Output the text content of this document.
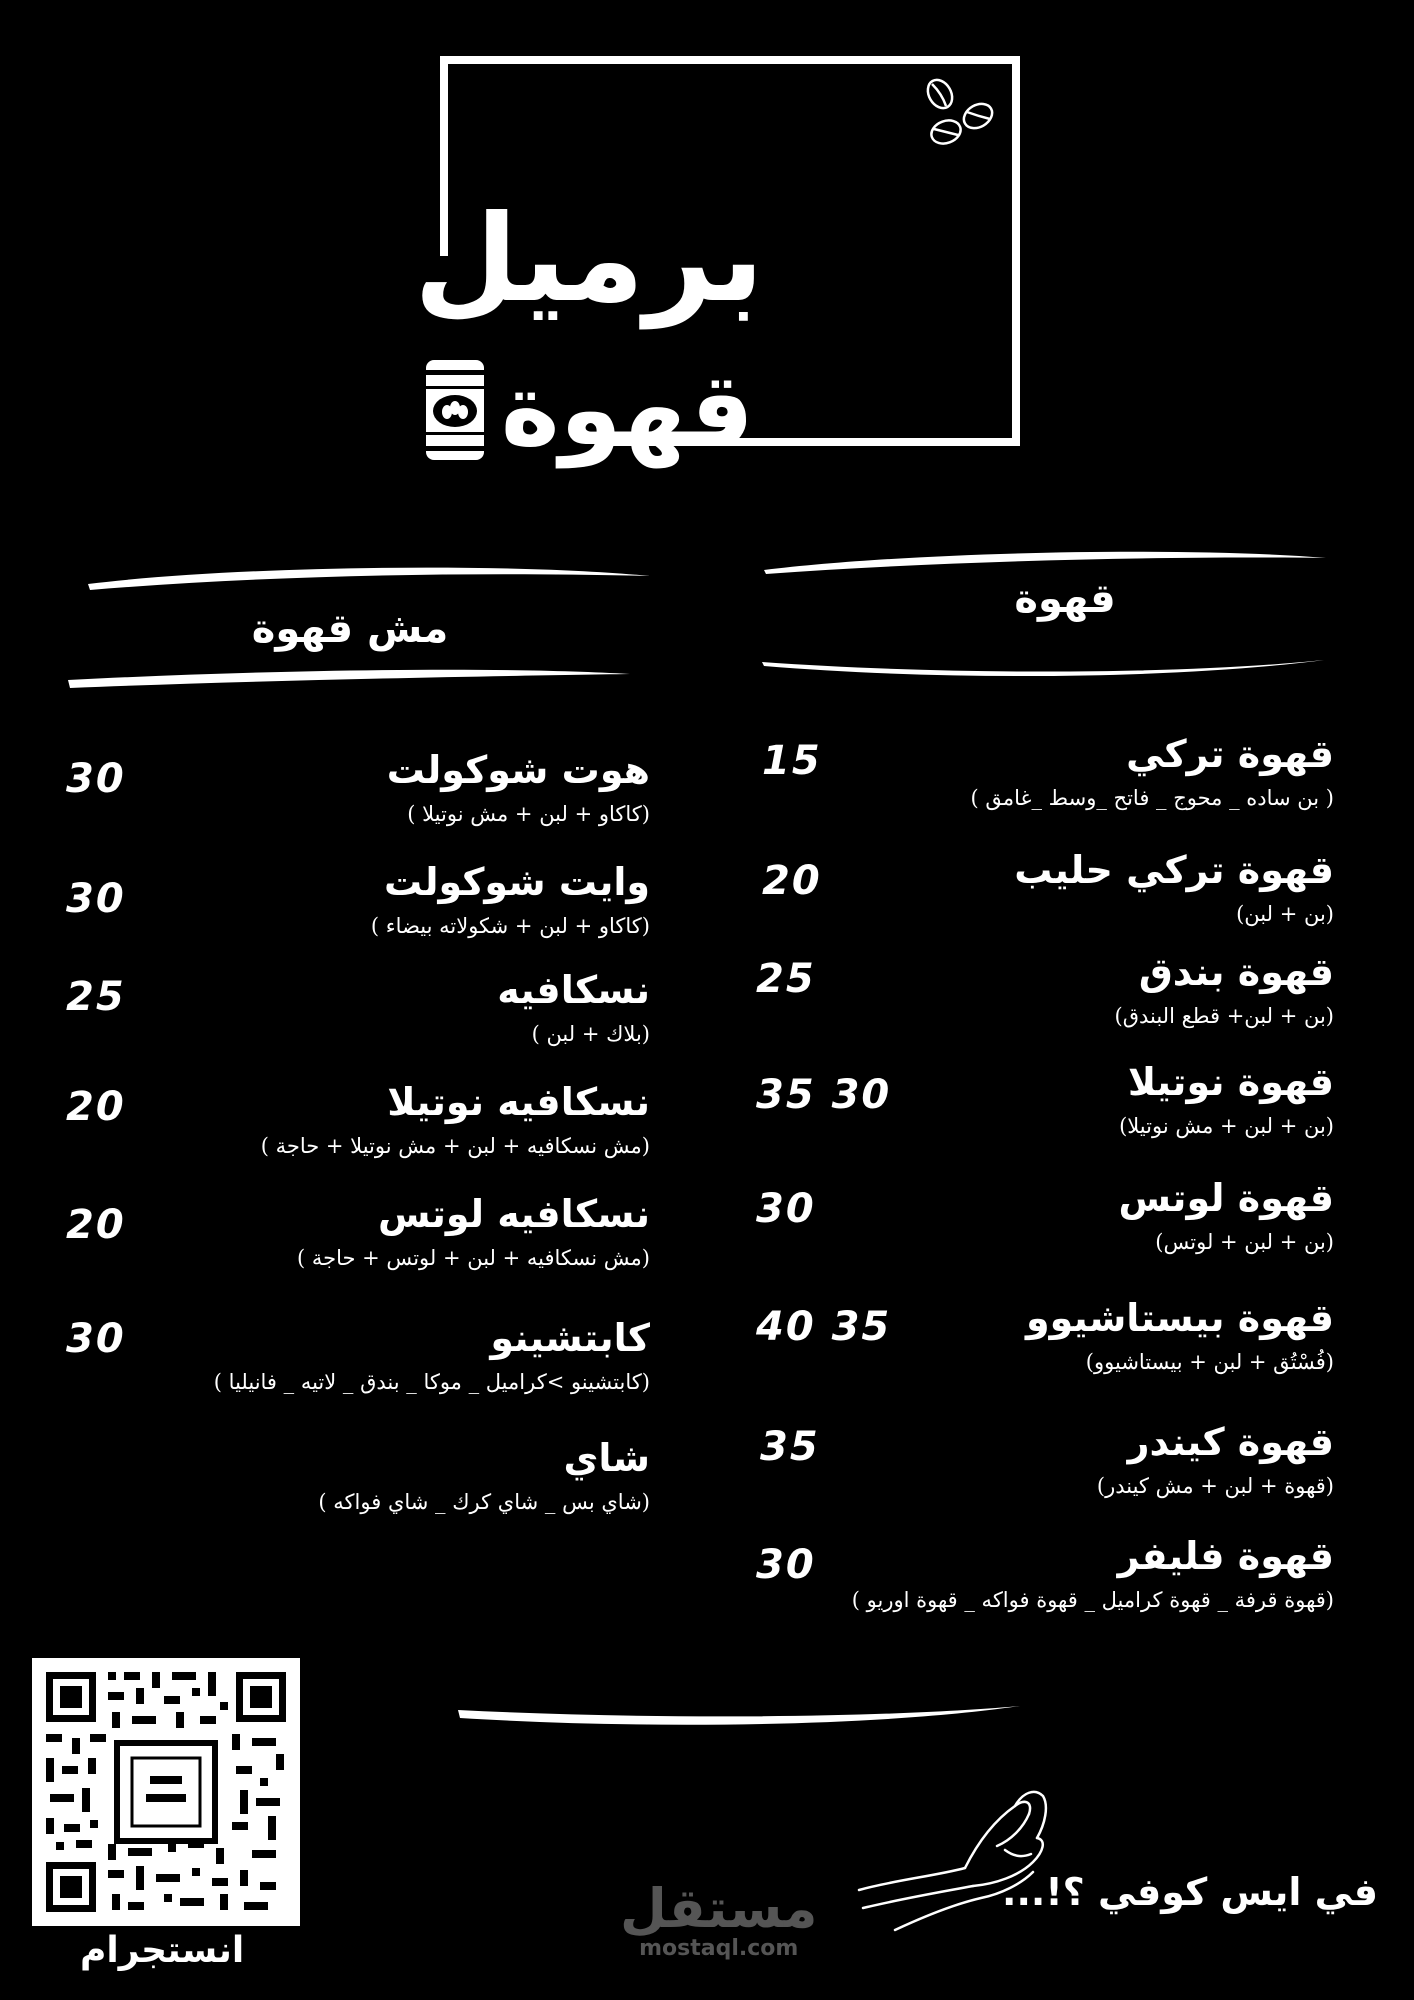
برميل
قهوة
قهوة
مش قهوة
قهوة تركي
( بن ساده _ محوج _ فاتح _وسط _غامق )
15
قهوة تركي حليب
(بن + لبن)
20
قهوة بندق
(بن + لبن+ قطع البندق)
25
قهوة نوتيلا
(بن + لبن + مش نوتيلا)
35 30
قهوة لوتس
(بن + لبن + لوتس)
30
قهوة بيستاشيوو
(فُسْتُق + لبن + بيستاشيوو)
40 35
قهوة كيندر
(قهوة + لبن + مش كيندر)
35
قهوة فليفر
(قهوة قرفة _ قهوة كراميل _ قهوة فواكه _ قهوة اوريو )
30
هوت شوكولت
(كاكاو + لبن + مش نوتيلا )
30
وايت شوكولت
(كاكاو + لبن + شكولاته بيضاء )
30
نسكافيه
(بلاك + لبن )
25
نسكافيه نوتيلا
(مش نسكافيه + لبن + مش نوتيلا + حاجة )
20
نسكافيه لوتس
(مش نسكافيه + لبن + لوتس + حاجة )
20
كابتشينو
(كابتشينو >كراميل _ موكا _ بندق _ لاتيه _ فانيليا )
30
شاي
(شاي بس _ شاي كرك _ شاي فواكه )
انستجرام
مستقل
mostaql.com
في ايس كوفي ؟!...
